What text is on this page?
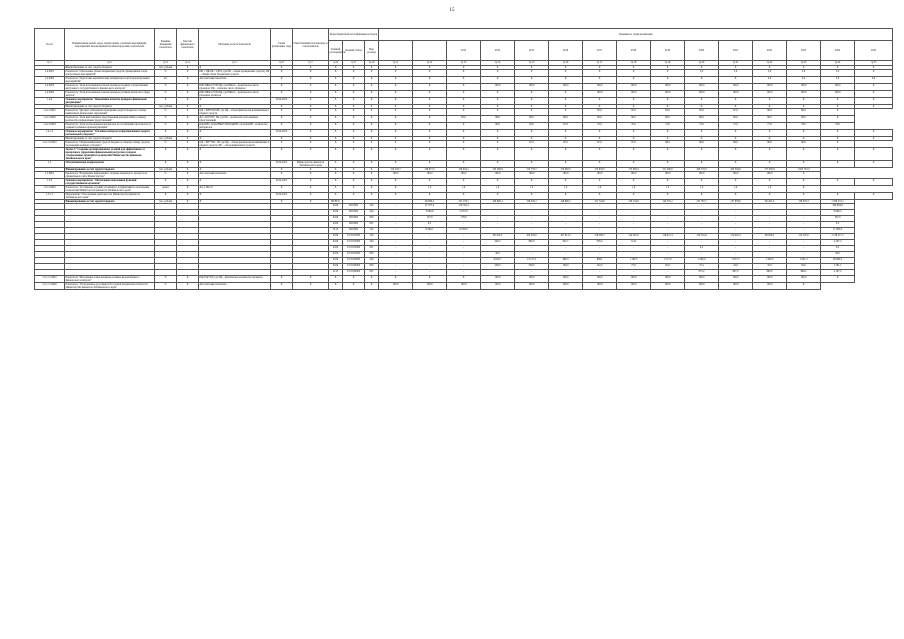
15
№ п/п	Наименование целей, задач, подпрограмм, основных мероприятий, мероприятий, ведомственных целевых программ, показателей	Единица измерения показателя	Код/тип финансового показателя	Методика расчета показателя	Сроки реализации, годы	Ответственный исполнитель и соисполнитель	Коды бюджетной классификации расходов			Значения по годам реализации															
							Главный распорядитель	Целевая статья	Вид расхода			2013	2014	2015	2016	2017	2018	2019	2020	2021	2022	2023	2024	2025	
гр.1	гр.2	гр.3	гр.4	гр.5	гр.6	гр.7	гр.8	гр.9	гр.10	гр.11	гр.12	гр.13	гр.14	гр.15	гр.16	гр.17	гр.18	гр.19	гр.20	гр.21	гр.22	гр.23	гр.24	гр.25	
	Финансирование за счет средств бюджета	тыс. рублей	X	X	X	X	X	X	X	X	X	X	X	X	X	X	X	X	X	X	X	X	X	X	
1.4.0001	Показатель "Отклонение объема бюджетных средств, проверенных в ходе контрольных мероприятий"	%	X	ПК = ПБ/ОБ × 100%, где ПБ – объем проверенных средств; ОБ – общий объем бюджетных средств	X	X	X	X	X	X	X	X	X	X	X	X	X	X	5,0	5,0	5,0	5,0	5,0	X	
1.4.0002	Показатель "Подготовка аналитических материалов по итогам контрольных мероприятий"	шт.	X	Абсолютный показатель	X	X	X	X	X	X	X	X	X	X	X	X	X	X	X	X	4,0	4,0	5,0	6,0	
1.4.0003	Показатель "Доля исполненных планов проверок в рамках осуществления внутреннего государственного финансового контроля"	%	X	ПФ=ПФисп*100/Пф, где ПФисп – фактическое число проверок; Пф – плановое число проверок	X	X	X	X	X	X	X	X	100,0	100,0	100,0	100,0	100,0	100,0	100,0	100,0	100,0	100,0	100,0	X	
1.4.0004	Показатель "Доля исполненных планов проверок в рамках контроля в сфере закупок"	%	X	ПФ=ПФисп*100/Пф, где ПФисп – фактическое число плановых проверок	X	X	X	X	X	X	X	X	X	X	X	100,0	100,0	100,0	100,0	100,0	100,0	100,0	100,0	X	
1.4.6	Основное мероприятие "Повышение качества проверок финансовой дисциплины"	X	X	X	2014-2025	X	X	X	X	X	X	X	X	X	X	X	X	X	X	X	X	X	X	X	
	Финансирование за счет средств бюджета	тыс. рублей	X	X	X	X	X	X	X	X	X	X	X	X	X	X	X	X	X	X	X	X	X	X	
1.4.1.01001	Показатель "Процент охваченных проверками средств бюджета к объему выявленных финансовых нарушений"	%	X	Пф = ФН*100/ОН, где Пф – объем фактически возмещенных в бюджет средств	X	X	X	X	X	X	X	X	X	X	X	85,0	85,0	85,0	85,0	87,0	88,0	89,0	X		
1.4.1.01002	Показатель "Доля выполненных представлений (предписаний) к общему количеству направленных представлений"	%	X	Дп = Пи*100 / Пн, где Пи – количество исполненных представлений	X	X	X	X	X	X	X	85,0	88,0	90,0	90,0	90,0	90,0	90,0	90,0	90,0	90,0	90,0	X		
1.4.1.01003	Показатель "Доля рассмотренных материалов по составлению протоколов об административных правонарушениях"	%	X	КДАПН = КДАПНвп*100/КДАПН, где КДАПН – количество материалов	X	X	X	X	X	X	X	X	80,0	85,0	67,0	70,0	70,0	72,0	75,0	75,0	77,0	78,0	79,0		
1.4.1.2	Основное мероприятие "Усиление контроля за формированием средств регионального бюджета"	X	X	X	2014-2025	X	X	X	X	X	X	X	X	X	X	X	X	X	X	X	X	X	X	X	
	Финансирование за счет средств бюджета	тыс. рублей	X	X	X	X	X	X	X	X	X	X	X	X	X	X	X	X	X	X	X	X	X	X	
1.4.1.2.01001	Показатель "Объем выявленных средств бюджета к общему объему средств, подлежащих возврату в бюджет"	%	X	Пф = ФУ*100 / ОУ, где Пф – объем фактически возмещенных в бюджет средств; ФУ – объем выявленных средств	X	X	X	X	X	X	X	X	X	87,0	87,0	87,0	87,0	88,0	89,0	89,0	90,0	90,0	X		
	Задача 5 "Создание организационных условий для эффективного и прозрачного управления финансовыми ресурсами в рамках установленных функций и полномочий Министерства финансов Забайкальского края"	X	X	X	X	X	X	X	X	X	X	X	X	X	X	X	X	X	X	X	X	X	X	X	
1.5	Обеспечивающая подпрограмма	X	X	X	2014-2025	Министерство финансов Забайкальского края	X	X	X	X	X	X	X	X	X	X	X	X	X	X	X	X	X	X	
	Финансирование за счет средств бюджета	тыс. рублей	X	X	X	X	X	X	X	125 476,7	136 677,2	126 944,1	143 560,9	172 776,7	174 682,5	173 933,5	175 683,4	151 590,0	166 725,3	165 349,8	177 650,9	1 955 791,3			
1.5.0001	Показатель "Размещение информации о порядке бюджетного процесса на официальном сайте Министерства"	%	X	Абсолютный показатель	X	X	X	X	X	100,0	100,0	100,0	100,0	100,0	100,0	100,0	100,0	100,0	100,0	100,0	100,0	X			
1.5.6	Основное мероприятие "Обеспечение выполнения функций государственными органами"	X	X	X	2014-2025	X	X	X	X	X	X	X	X	X	X	X	X	X	X	X	X	X	X	X	
1.5.1.01001	Показатель "Достижение условий устойчивого и эффективного исполнения полномочий Министерства финансов Забайкальского края"	да/нет	X	Да=1 Нет=0	X	X	X	X	X	X	1,0	1,0	1,0	1,0	1,0	1,0	1,0	1,0	1,0	1,0	1,0	X			
1.5.1.1	Мероприятие "Обеспечение деятельности Министерства финансов Забайкальского края"	X	X	X	2014-2025	X	X	X	X	X	X	X	X	X	X	X	X	X	X	X	X	X	X	X	
	Финансирование за счет средств бюджета	тыс. рублей	X	X	X	X	ВСЕГО				99 066,2	131 178,1	109 990,1	128 230,1	146 896,1	151 744,6	150 134,9	144 335,1	147 767,1	137 659,6	96 447,4	139 970,3	1 599 274,1		
							0106	0021600	120	-	47 917,3	116 762,2	-	-	-	-	-	-	-	-	-	-	199 694,6		
							0106	0021600	244	-	3 660,6	5 675,9	-	-	-	-	-	-	-	-	-	-	9 990,3		
							0106	0021600	850	-	157,8	178,8	-	-	-	-	-	-	-	-	-	-	337,0		
							0106	0021600	831	-	0,3	-	-	-	-	-	-	-	-	-	-	-	0,3		
							0113	0921600	122	-	6 394,1	9 059,9	-	-	-	-	-	-	-	-	-	-	17 000,0		
							0106	0171815000	120	-	-	-	89 413,3	100 345,0	107 813,1	116 390,7	114 397,0	118 921,3	110 761,6	112 902,4	98 650,0	110 107,0	1 138 071,7		
							0106	0171815000	244	-	-	-	440,3	800,0	652,7	976,0	1122	-	-	-	-	-	2 207,2		
							0106	0171815000	831	-	-	-	-	-	-	-	-	-	0,2	-	-	-	0,2		
							0106	0171815000	850	-	-	-	30,0	-	-	-	-	-	-	-	-	-	30,0		
							0106	0171819000	240	-	-	-	8 650,7	13 157,5	499,3	9002	1 182,5	1 577,0	1 400,0	1 677,5	1 400,0	1 621,4	39 060,9		
							0106	0171819000	850	-	-	-	259,0	236,0	190,0	152,0	75,0	95,0	57,2	42,0	35,0	84,0	1 281,1		
							0113	0171819000	831	-	-	-	-	-	-	-	-	-	975,2	897,0	960,0	909,2	4 107,2		
1.5.1.1.01001	Показатель "Исполнение плана проверок в рамках ведомственного финансового контроля"	%	X	Пф=Пф*100, где Пф – фактическое количество проверок	X	X	X	X	X	X	X	X	100,0	100,0	100,0	100,0	100,0	100,0	100,0	100,0	100,0	100,0	X		
1.5.1.1.01002	Показатель "Установление достоверности годовой бюджетной отчетности Министерства финансов Забайкальского края"	%	X	Абсолютный показатель	X	X	X	X	X	100,0	100,0	100,0	100,0	100,0	100,0	100,0	100,0	100,0	100,0	100,0	100,0	X			
